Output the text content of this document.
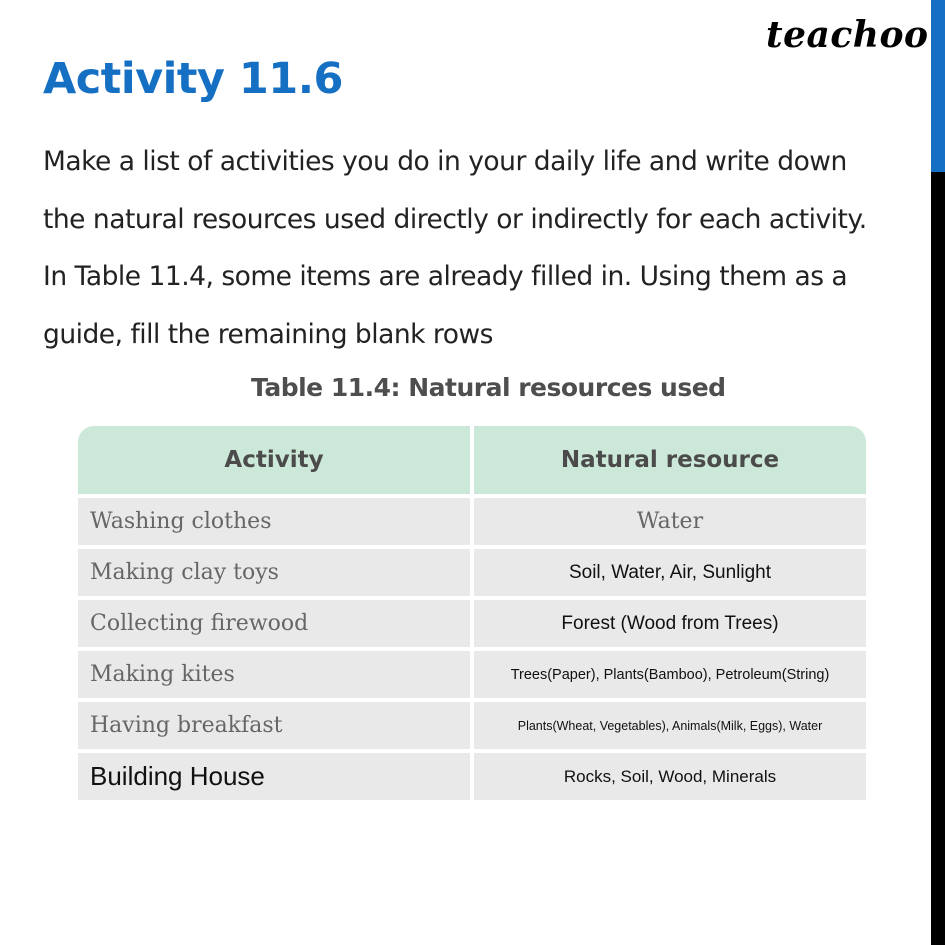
teachoo
Activity 11.6
Make a list of activities you do in your daily life and write down
the natural resources used directly or indirectly for each activity.
In Table 11.4, some items are already filled in. Using them as a
guide, fill the remaining blank rows
Table 11.4: Natural resources used
Activity	Natural resource
Washing clothes	Water
Making clay toys	Soil, Water, Air, Sunlight
Collecting firewood	Forest (Wood from Trees)
Making kites	Trees(Paper), Plants(Bamboo), Petroleum(String)
Having breakfast	Plants(Wheat, Vegetables), Animals(Milk, Eggs), Water
Building House	Rocks, Soil, Wood, Minerals
